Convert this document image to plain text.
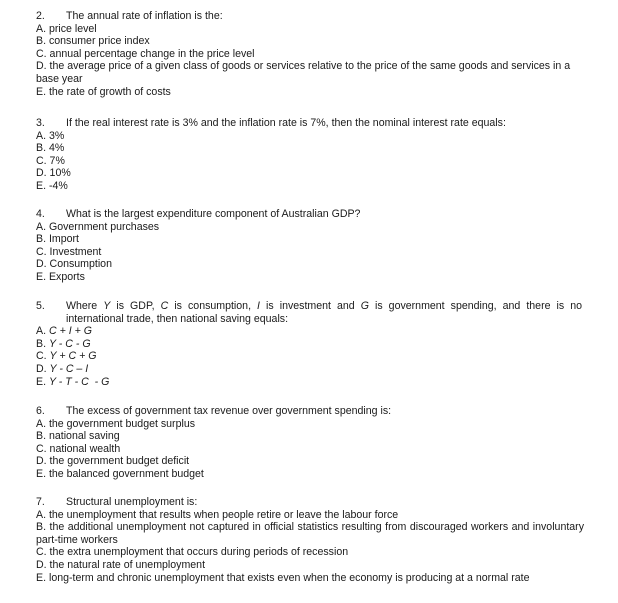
2. The annual rate of inflation is the:
A. price level
B. consumer price index
C. annual percentage change in the price level
D. the average price of a given class of goods or services relative to the price of the same goods and services in a base year
E. the rate of growth of costs
3. If the real interest rate is 3% and the inflation rate is 7%, then the nominal interest rate equals:
A. 3%
B. 4%
C. 7%
D. 10%
E. -4%
4. What is the largest expenditure component of Australian GDP?
A. Government purchases
B. Import
C. Investment
D. Consumption
E. Exports
5. Where Y is GDP, C is consumption, I is investment and G is government spending, and there is no international trade, then national saving equals:
A. C + I + G
B. Y - C - G
C. Y + C + G
D. Y - C – I
E. Y - T - C  - G
6. The excess of government tax revenue over government spending is:
A. the government budget surplus
B. national saving
C. national wealth
D. the government budget deficit
E. the balanced government budget
7. Structural unemployment is:
A. the unemployment that results when people retire or leave the labour force
B. the additional unemployment not captured in official statistics resulting from discouraged workers and involuntary part-time workers
C. the extra unemployment that occurs during periods of recession
D. the natural rate of unemployment
E. long-term and chronic unemployment that exists even when the economy is producing at a normal rate
